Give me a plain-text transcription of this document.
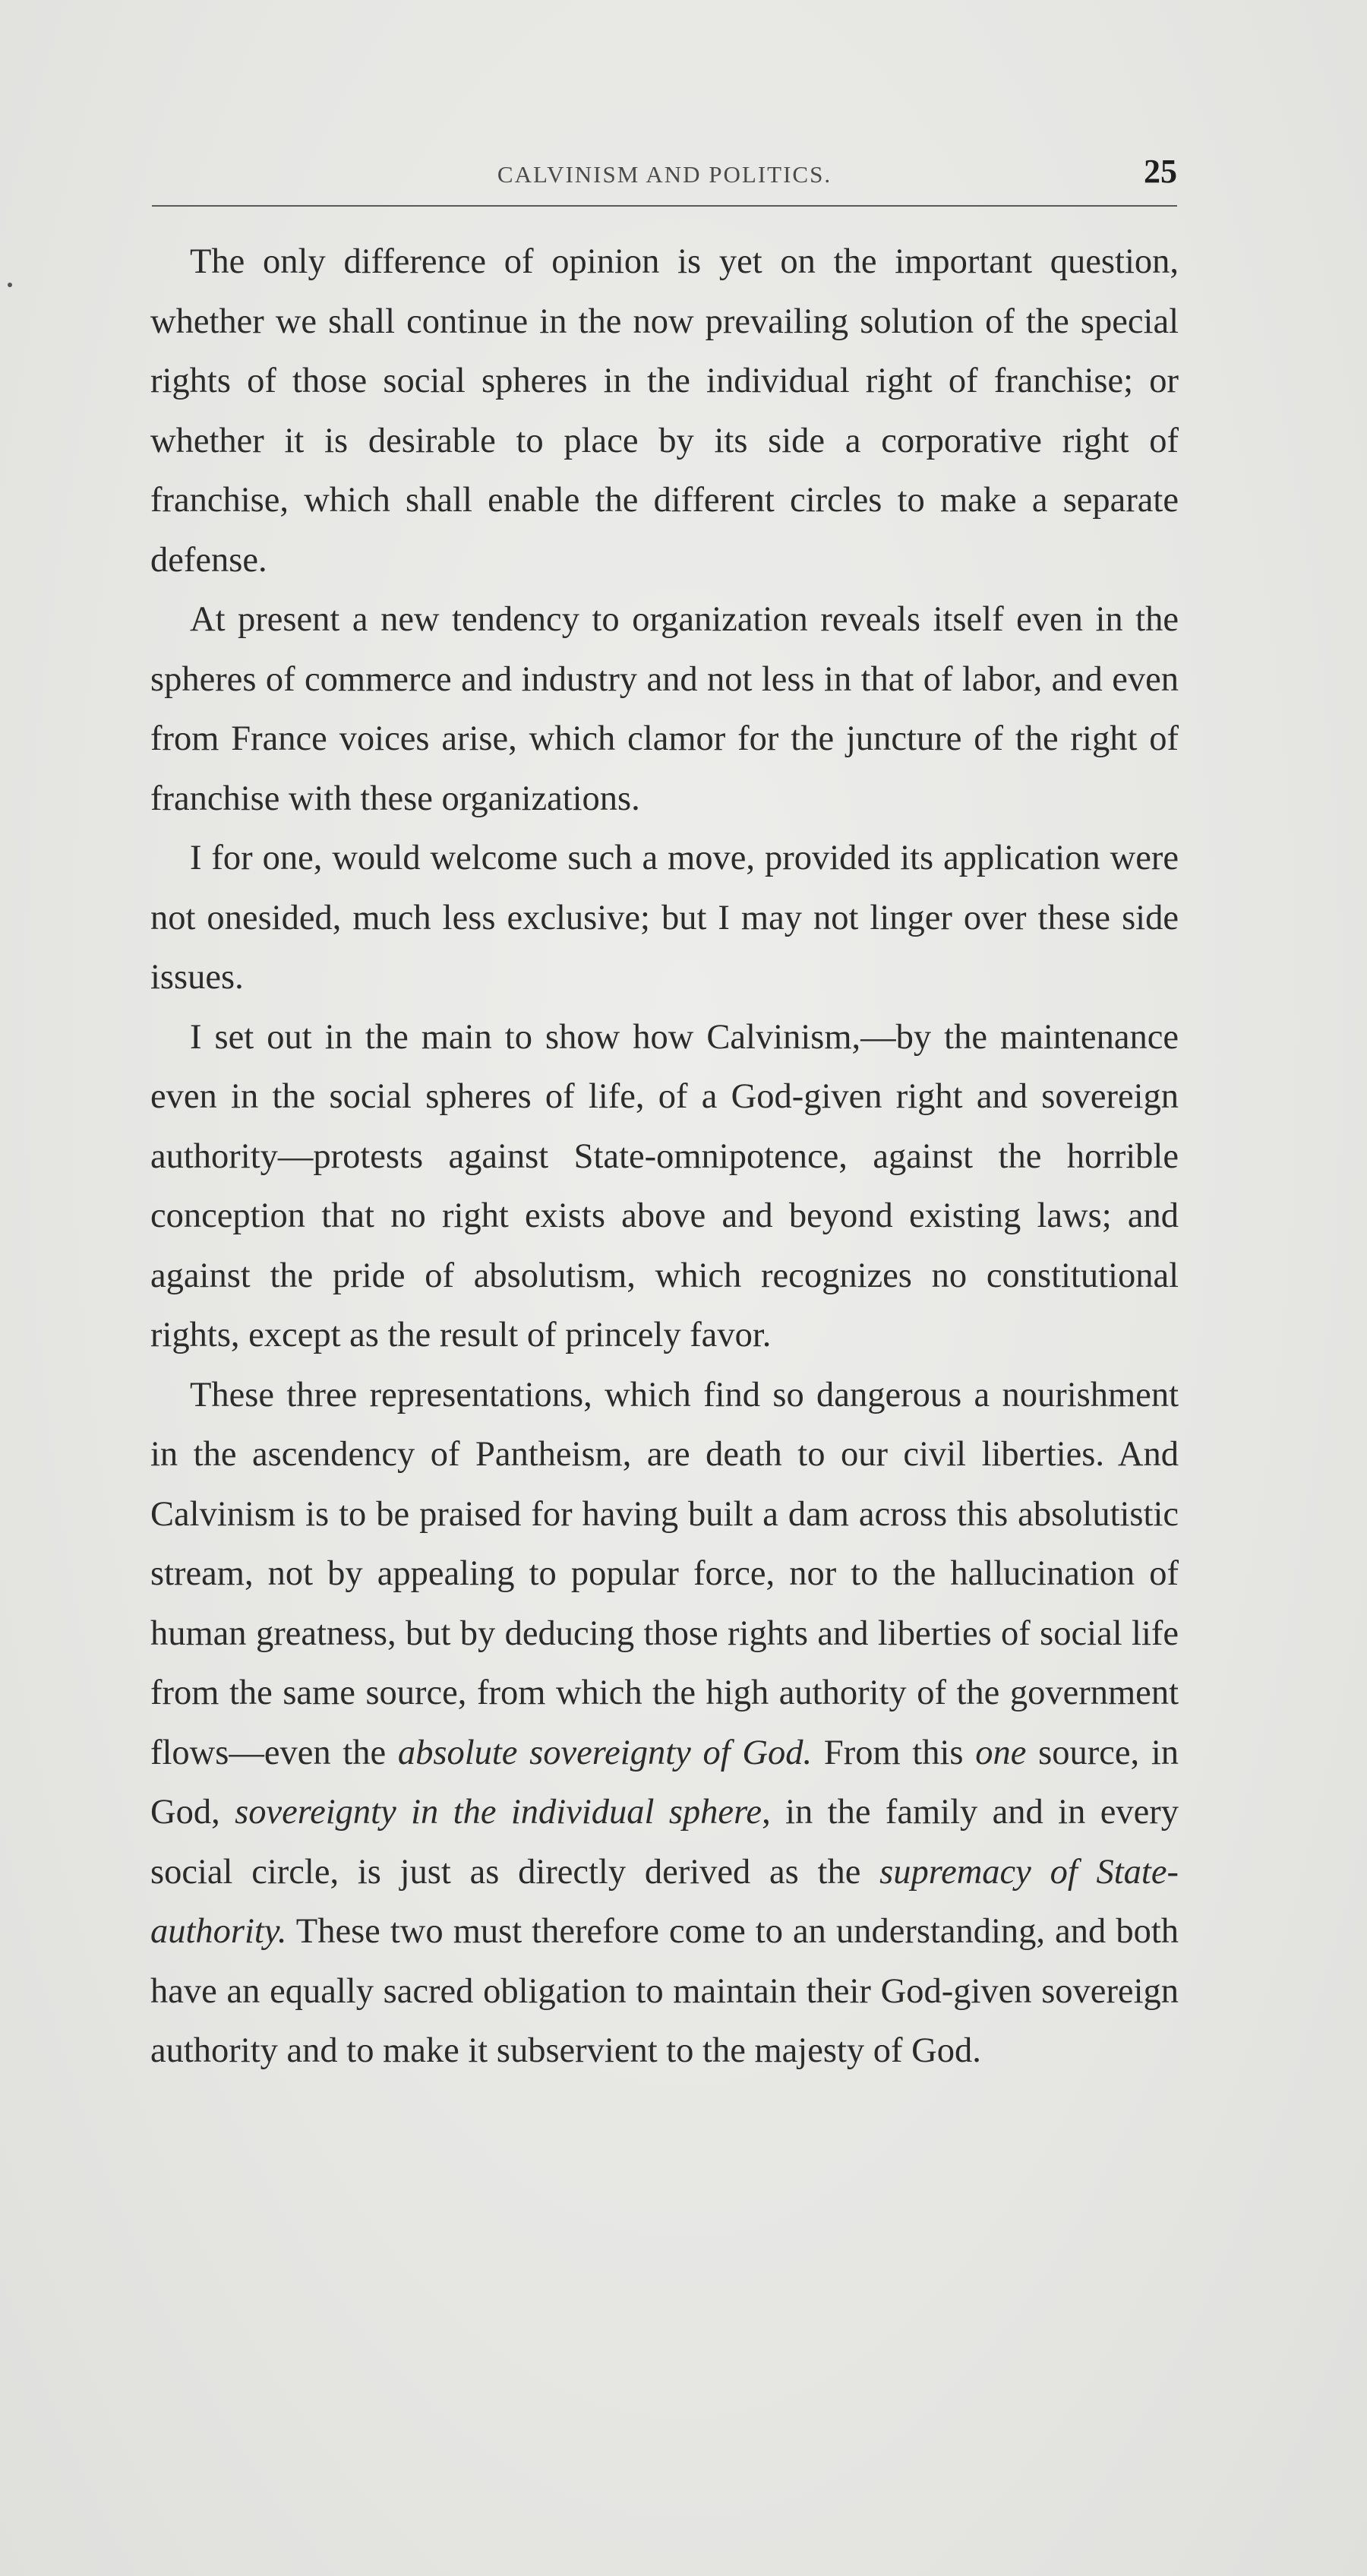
CALVINISM AND POLITICS.	25

The only difference of opinion is yet on the important question, whether we shall continue in the now prevailing solution of the special rights of those social spheres in the individual right of franchise; or whether it is desirable to place by its side a corporative right of franchise, which shall enable the different circles to make a separate defense.

At present a new tendency to organization reveals itself even in the spheres of commerce and industry and not less in that of labor, and even from France voices arise, which clamor for the juncture of the right of franchise with these organizations.

I for one, would welcome such a move, provided its application were not onesided, much less exclusive; but I may not linger over these side issues.

I set out in the main to show how Calvinism,—by the maintenance even in the social spheres of life, of a God-given right and sovereign authority—protests against State-omnipotence, against the horrible conception that no right exists above and beyond existing laws; and against the pride of absolutism, which recognizes no constitutional rights, except as the result of princely favor.

These three representations, which find so dangerous a nourishment in the ascendency of Pantheism, are death to our civil liberties. And Calvinism is to be praised for having built a dam across this absolutistic stream, not by appealing to popular force, nor to the hallucination of human greatness, but by deducing those rights and liberties of social life from the same source, from which the high authority of the government flows—even the absolute sovereignty of God. From this one source, in God, sovereignty in the individual sphere, in the family and in every social circle, is just as directly derived as the supremacy of State-authority. These two must therefore come to an understanding, and both have an equally sacred obligation to maintain their God-given sovereign authority and to make it subservient to the majesty of God.
